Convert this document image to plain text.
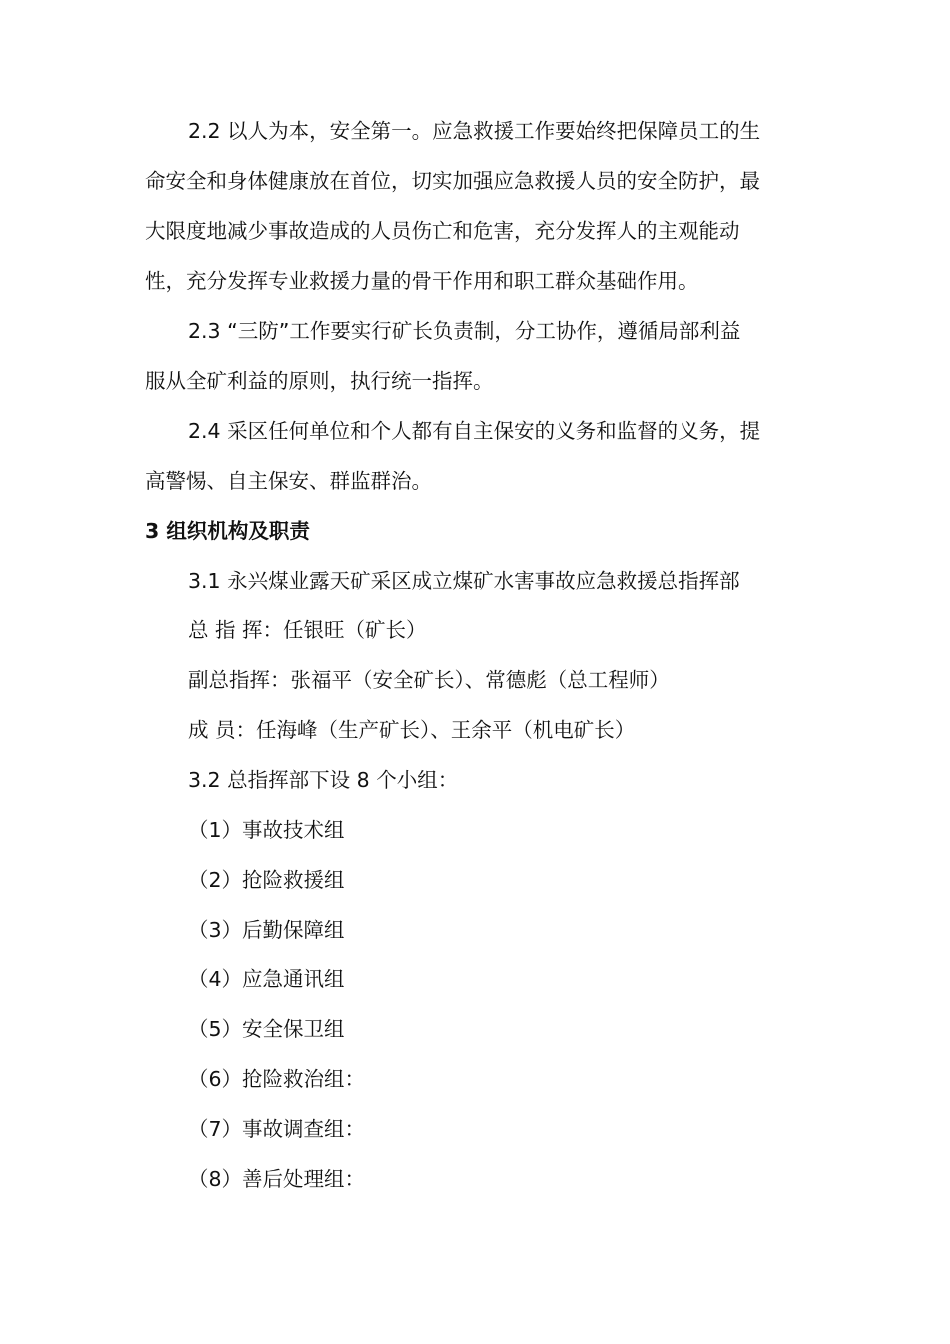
2.2 以人为本，安全第一。应急救援工作要始终把保障员工的生
命安全和身体健康放在首位，切实加强应急救援人员的安全防护，最
大限度地减少事故造成的人员伤亡和危害，充分发挥人的主观能动
性，充分发挥专业救援力量的骨干作用和职工群众基础作用。
2.3 “三防”工作要实行矿长负责制，分工协作，遵循局部利益
服从全矿利益的原则，执行统一指挥。
2.4 采区任何单位和个人都有自主保安的义务和监督的义务，提
高警惕、自主保安、群监群治。
3 组织机构及职责
3.1 永兴煤业露天矿采区成立煤矿水害事故应急救援总指挥部
总 指 挥：任银旺（矿长）
副总指挥：张福平（安全矿长）、常德彪（总工程师）
成 员：任海峰（生产矿长）、王余平（机电矿长）
3.2 总指挥部下设 8 个小组：
（1）事故技术组
（2）抢险救援组
（3）后勤保障组
（4）应急通讯组
（5）安全保卫组
（6）抢险救治组：
（7）事故调查组：
（8）善后处理组：
